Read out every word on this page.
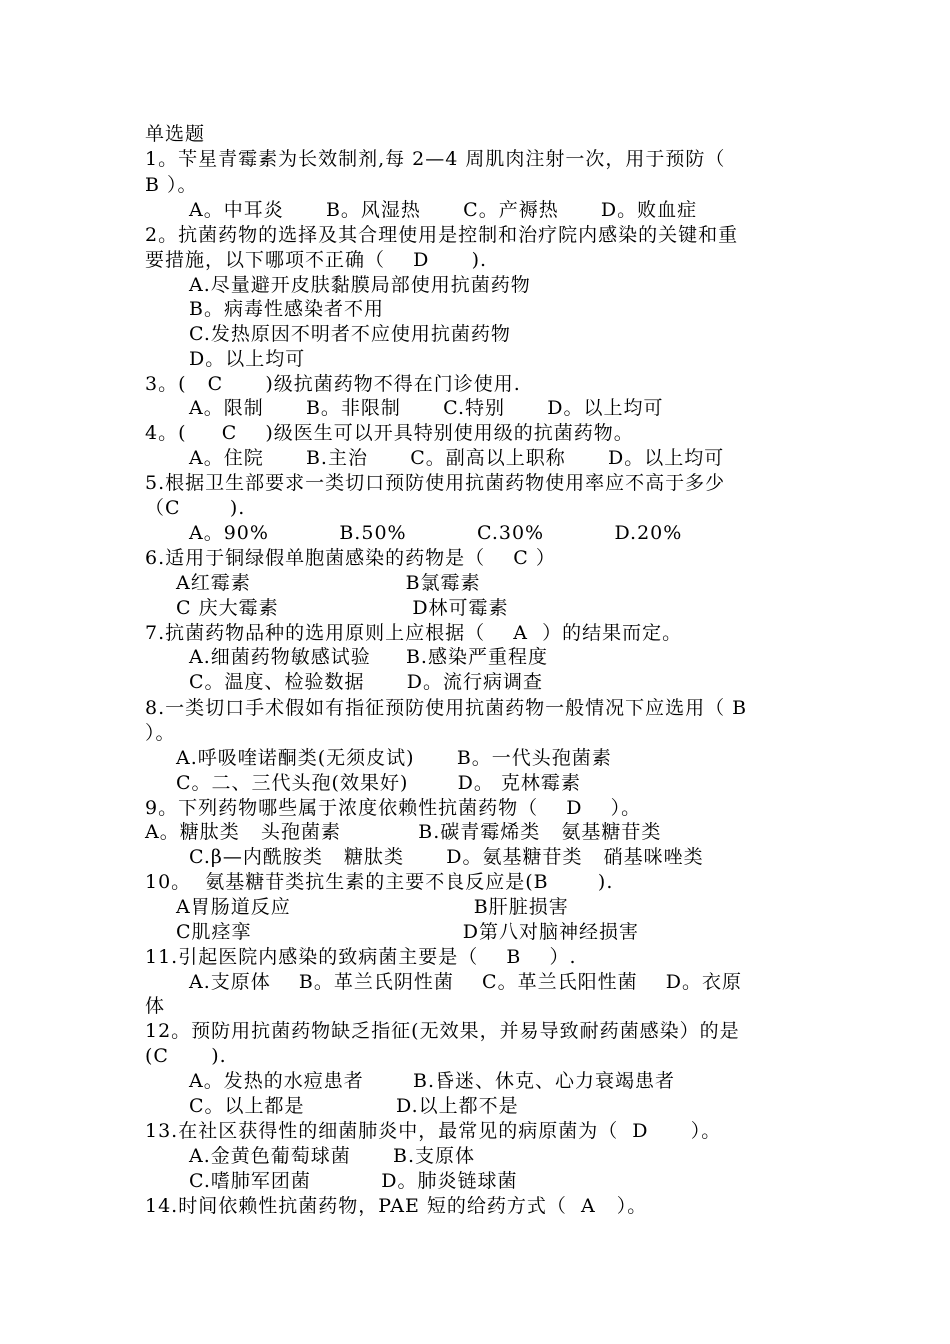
单选题
1。苄星青霉素为长效制剂,每 2—4 周肌肉注射一次，用于预防（
B ）。
A。中耳炎      B。风湿热      C。产褥热      D。败血症
2。抗菌药物的选择及其合理使用是控制和治疗院内感染的关键和重
要措施，以下哪项不正确（    D      ).
A.尽量避开皮肤黏膜局部使用抗菌药物
B。病毒性感染者不用
C.发热原因不明者不应使用抗菌药物
D。以上均可
3。(   C      )级抗菌药物不得在门诊使用.
A。限制      B。非限制      C.特别      D。以上均可
4。(     C    )级医生可以开具特别使用级的抗菌药物。
A。住院      B.主治      C。副高以上职称      D。以上均可
5.根据卫生部要求一类切口预防使用抗菌药物使用率应不高于多少
（C       ).
A。90%          B.50%          C.30%          D.20%
6.适用于铜绿假单胞菌感染的药物是（    C ）
A红霉素                      B氯霉素
C 庆大霉素                   D林可霉素
7.抗菌药物品种的选用原则上应根据（    A  ）的结果而定。
A.细菌药物敏感试验     B.感染严重程度
C。温度、检验数据      D。流行病调查
8.一类切口手术假如有指征预防使用抗菌药物一般情况下应选用（ B
）。
A.呼吸喹诺酮类(无须皮试)      B。一代头孢菌素
C。二、三代头孢(效果好)       D。 克林霉素
9。下列药物哪些属于浓度依赖性抗菌药物（    D    ）。
A。糖肽类   头孢菌素           B.碳青霉烯类   氨基糖苷类
C.β—内酰胺类   糖肽类      D。氨基糖苷类   硝基咪唑类
10。  氨基糖苷类抗生素的主要不良反应是(B       ).
A胃肠道反应                          B肝脏损害
C肌痉挛                              D第八对脑神经损害
11.引起医院内感染的致病菌主要是（    B    ）.
A.支原体    B。革兰氏阴性菌    C。革兰氏阳性菌    D。衣原
体
12。预防用抗菌药物缺乏指征(无效果，并易导致耐药菌感染）的是
(C      ).
A。发热的水痘患者       B.昏迷、休克、心力衰竭患者
C。以上都是             D.以上都不是
13.在社区获得性的细菌肺炎中，最常见的病原菌为（  D      ）。
A.金黄色葡萄球菌      B.支原体
C.嗜肺军团菌          D。肺炎链球菌
14.时间依赖性抗菌药物，PAE 短的给药方式（  A   ）。
